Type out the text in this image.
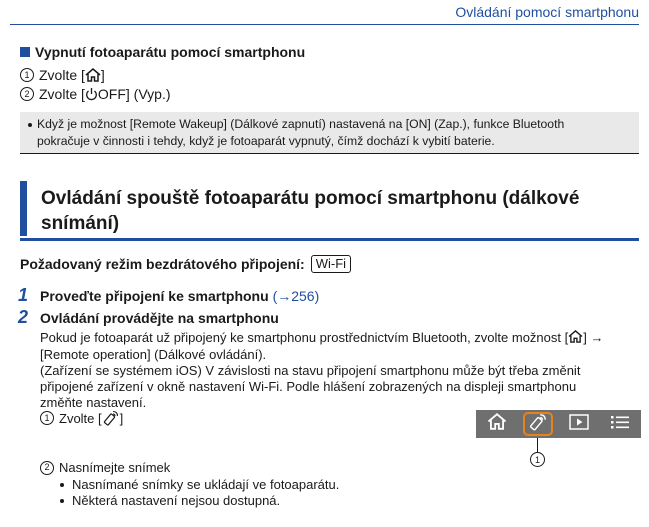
Ovládání pomocí smartphonu
Vypnutí fotoaparátu pomocí smartphonu
1 Zvolte [ ]
2 Zvolte [ OFF ] (Vyp.)
Když je možnost [Remote Wakeup] (Dálkové zapnutí) nastavená na [ON] (Zap.), funkce Bluetooth
pokračuje v činnosti i tehdy, když je fotoaparát vypnutý, čímž dochází k vybití baterie.
Ovládání spouště fotoaparátu pomocí smartphonu (dálkové snímání)
Požadovaný režim bezdrátového připojení: Wi-Fi
1 Proveďte připojení ke smartphonu (→256)
2 Ovládání provádějte na smartphonu
Pokud je fotoaparát už připojený ke smartphonu prostřednictvím Bluetooth, zvolte možnost [ ] →
[Remote operation] (Dálkové ovládání).
(Zařízení se systémem iOS) V závislosti na stavu připojení smartphonu může být třeba změnit
připojené zařízení v okně nastavení Wi-Fi. Podle hlášení zobrazených na displeji smartphonu
změňte nastavení.
1 Zvolte [ ]
1
2 Nasnímejte snímek
Nasnímané snímky se ukládají ve fotoaparátu.
Některá nastavení nejsou dostupná.
